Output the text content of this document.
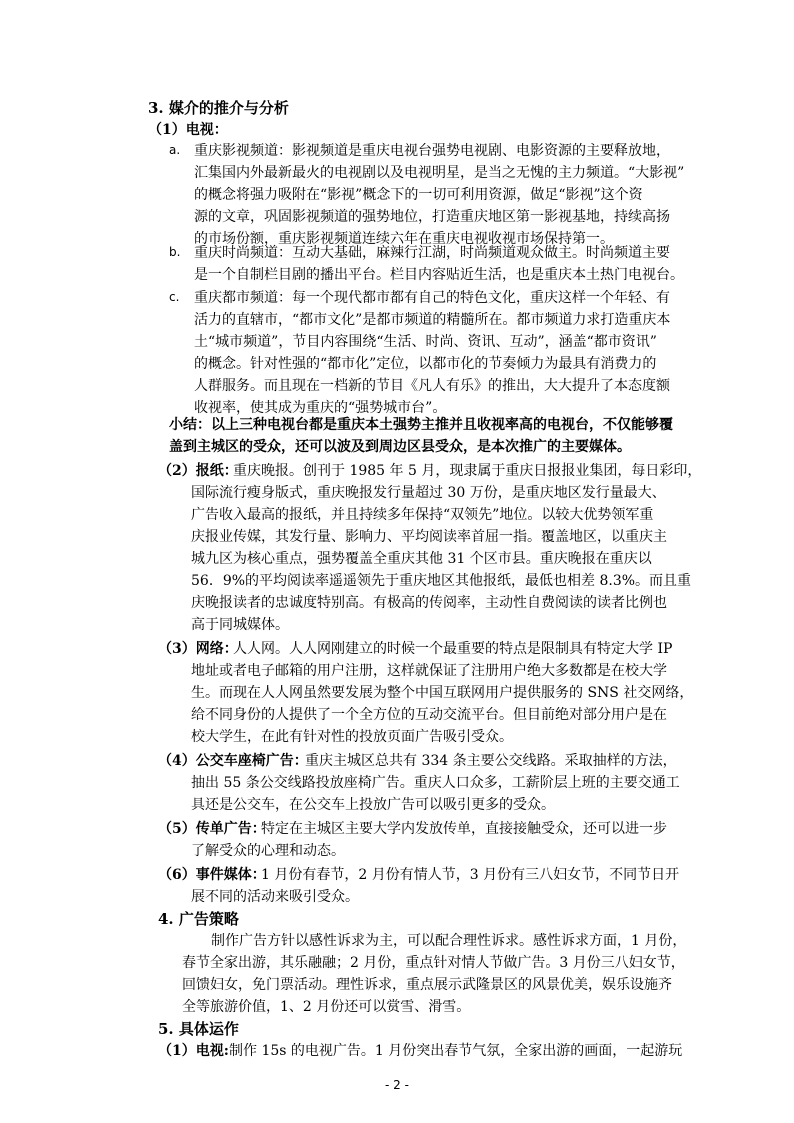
3. 媒介的推介与分析
（1）电视：
a. 重庆影视频道：影视频道是重庆电视台强势电视剧、电影资源的主要释放地，
汇集国内外最新最火的电视剧以及电视明星，是当之无愧的主力频道。“大影视”
的概念将强力吸附在“影视”概念下的一切可利用资源，做足“影视”这个资
源的文章，巩固影视频道的强势地位，打造重庆地区第一影视基地，持续高扬
的市场份额，重庆影视频道连续六年在重庆电视收视市场保持第一。
b. 重庆时尚频道：互动大基础，麻辣行江湖，时尚频道观众做主。时尚频道主要
是一个自制栏目剧的播出平台。栏目内容贴近生活，也是重庆本土热门电视台。
c. 重庆都市频道：每一个现代都市都有自己的特色文化，重庆这样一个年轻、有
活力的直辖市，“都市文化”是都市频道的精髓所在。都市频道力求打造重庆本
土“城市频道”，节目内容围绕“生活、时尚、资讯、互动”，涵盖“都市资讯”
的概念。针对性强的“都市化”定位，以都市化的节奏倾力为最具有消费力的
人群服务。而且现在一档新的节目《凡人有乐》的推出，大大提升了本态度额
收视率，使其成为重庆的“强势城市台”。
小结：以上三种电视台都是重庆本土强势主推并且收视率高的电视台，不仅能够覆
盖到主城区的受众，还可以波及到周边区县受众，是本次推广的主要媒体。
（2）报纸：
重庆晚报。创刊于 1985 年 5 月，现隶属于重庆日报报业集团，每日彩印，
国际流行瘦身版式，重庆晚报发行量超过 30 万份，是重庆地区发行量最大、
广告收入最高的报纸，并且持续多年保持“双领先”地位。以较大优势领军重
庆报业传媒，其发行量、影响力、平均阅读率首屈一指。覆盖地区，以重庆主
城九区为核心重点，强势覆盖全重庆其他 31 个区市县。重庆晚报在重庆以
56．9%的平均阅读率遥遥领先于重庆地区其他报纸，最低也相差 8.3%。而且重
庆晚报读者的忠诚度特别高。有极高的传阅率，主动性自费阅读的读者比例也
高于同城媒体。
（3）网络：
人人网。人人网刚建立的时候一个最重要的特点是限制具有特定大学 IP
地址或者电子邮箱的用户注册，这样就保证了注册用户绝大多数都是在校大学
生。而现在人人网虽然要发展为整个中国互联网用户提供服务的 SNS 社交网络，
给不同身份的人提供了一个全方位的互动交流平台。但目前绝对部分用户是在
校大学生，在此有针对性的投放页面广告吸引受众。
（4）公交车座椅广告：
重庆主城区总共有 334 条主要公交线路。采取抽样的方法，
抽出 55 条公交线路投放座椅广告。重庆人口众多，工薪阶层上班的主要交通工
具还是公交车，在公交车上投放广告可以吸引更多的受众。
（5）传单广告：
特定在主城区主要大学内发放传单，直接接触受众，还可以进一步
了解受众的心理和动态。
（6）事件媒体：
1 月份有春节，2 月份有情人节，3 月份有三八妇女节，不同节日开
展不同的活动来吸引受众。
4. 广告策略
制作广告方针以感性诉求为主，可以配合理性诉求。感性诉求方面，1 月份，
春节全家出游，其乐融融；2 月份，重点针对情人节做广告。3 月份三八妇女节，
回馈妇女，免门票活动。理性诉求，重点展示武隆景区的风景优美，娱乐设施齐
全等旅游价值，1、2 月份还可以赏雪、滑雪。
5. 具体运作
（1）电视: 制作 15s 的电视广告。1 月份突出春节气氛，全家出游的画面，一起游玩
- 2 -
